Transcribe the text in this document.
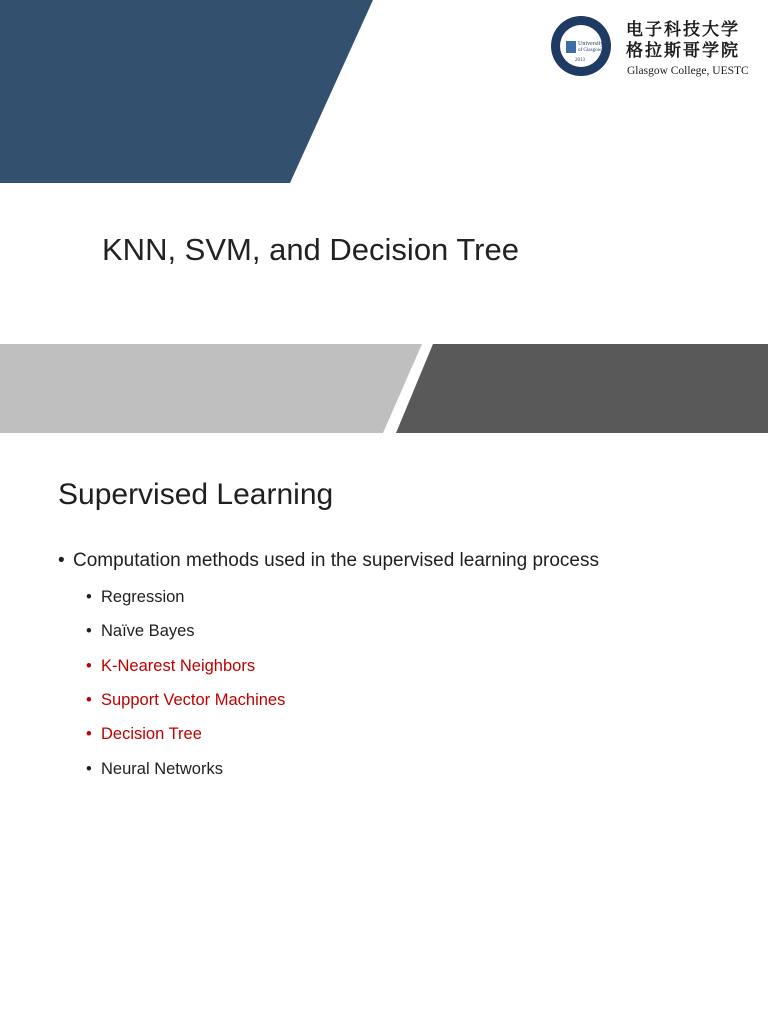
University
of Glasgow
2013
电子科技大学
格拉斯哥学院
Glasgow College, UESTC
KNN, SVM, and Decision Tree
Supervised Learning
• Computation methods used in the supervised learning process
• Regression
• Naïve Bayes
• K-Nearest Neighbors
• Support Vector Machines
• Decision Tree
• Neural Networks
